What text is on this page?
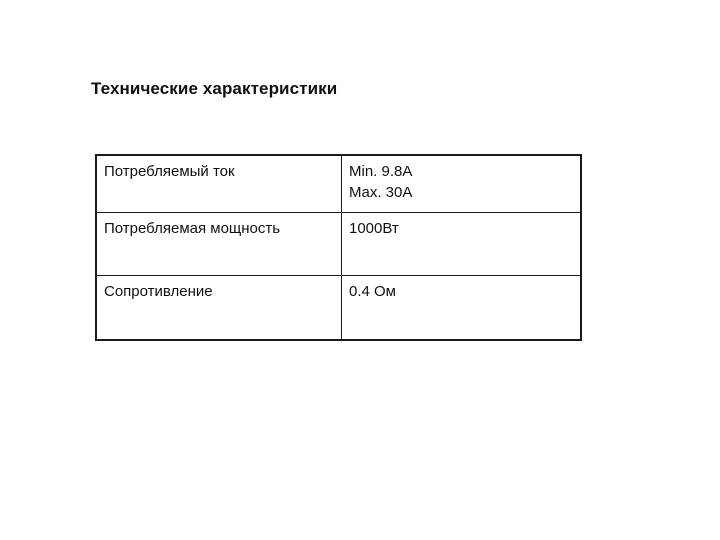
Технические характеристики
Потребляемый ток	Min. 9.8A
Max. 30A

Потребляемая мощность	1000Вт

Сопротивление	0.4 Ом
